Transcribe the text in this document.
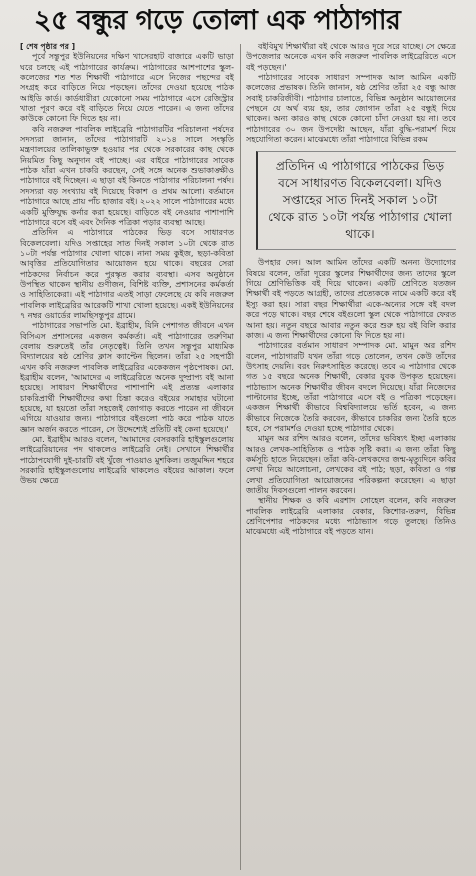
২৫ বন্ধুর গড়ে তোলা এক পাঠাগার

[ শেষ পৃষ্ঠার পর ]

পূর্বে সন্তুপুর ইউনিয়নের দক্ষিণ খাসেরহাট বাজারে একটি ভাড়া ঘরে চলছে এই পাঠাগারের কার্যক্রম। পাঠাগারের আশপাশের স্কুল-কলেজের শত শত শিক্ষার্থী পাঠাগারে এসে নিজের পছন্দের বই সংগ্রহ করে বাড়িতে নিয়ে পড়ছেন। তাঁদের দেওয়া হয়েছে পাঠক আইডি কার্ড। কার্ডধারীরা যেকোনো সময় পাঠাগারে এসে রেজিস্ট্রার খাতা পূরণ করে বই বাড়িতে নিয়ে যেতে পারেন। এ জন্য তাঁদের কাউকে কোনো ফি দিতে হয় না।

কবি নজরুল পাবলিক লাইব্রেরি পাঠাগারটির পরিচালনা পর্ষদের সদস্যরা জানান, তাঁদের পাঠাগারটি ২০১৪ সালে সংস্কৃতি মন্ত্রণালয়ের তালিকাভুক্ত হওয়ার পর থেকে সরকারের কাছ থেকে নিয়মিত কিছু অনুদান বই পাচ্ছে। এর বাইরে পাঠাগারের সাবেক পাঠক যাঁরা এখন চাকরি করছেন, সেই সঙ্গে অনেক শুভাকাঙ্ক্ষীও পাঠাগারে বই দিচ্ছেন। এ ছাড়া বই কিনতে পাঠাগার পরিচালনা পর্ষদ। সদস্যরা বড় সংখ্যায় বই দিয়েছে বিকাশ ও প্রথম আলো। বর্তমানে পাঠাগারে আছে প্রায় পাঁচ হাজার বই। ২০২২ সালে পাঠাগারের মধ্যে একটি মুক্তিযুদ্ধ কর্নার করা হয়েছে। বাড়িতে বই নেওয়ার পাশাপাশি পাঠাগারে বসে বই এবং দৈনিক পত্রিকা পড়ার ব্যবস্থা আছে।

প্রতিদিন এ পাঠাগারে পাঠকের ভিড় বসে সাধারণত বিকেলবেলা। যদিও সপ্তাহের সাত দিনই সকাল ১০টা থেকে রাত ১০টা পর্যন্ত পাঠাগার খোলা থাকে। নানা সময় কুইজ, ছড়া-কবিতা আবৃত্তির প্রতিযোগিতার আয়োজন হয়ে থাকে। বছরের সেরা পাঠকদের নির্বাচন করে পুরস্কৃত করার ব্যবস্থা। এসব অনুষ্ঠানে উপস্থিত থাকেন স্থানীয় গুণীজন, বিশিষ্ট ব্যক্তি, প্রশাসনের কর্মকর্তা ও সাহিত্যিকেরা। এই পাঠাগার এতই সাড়া ফেলেছে যে কবি নজরুল পাবলিক লাইব্রেরির আরেকটি শাখা খোলা হয়েছে। একই ইউনিয়নের ৭ নম্বর ওয়ার্ডের লামছিসন্তুপুর গ্রামে।

পাঠাগারের সভাপতি মো. ইব্রাহীম, যিনি পেশাগত জীবনে এখন বিসিএস প্রশাসনের একজন কর্মকর্তা। এই পাঠাগারের তরুণিমা বেলায় শুরুতেই তাঁর নেতৃত্বেই। তিনি তখন সন্তুপুর মাধ্যমিক বিদ্যালয়ের ষষ্ঠ শ্রেণির ক্লাস ক্যাপ্টেন ছিলেন। তাঁরা ২৫ সহপাঠী এখন কবি নজরুল পাবলিক লাইব্রেরির একেকজন পৃষ্ঠপোষক। মো. ইব্রাহীম বলেন, 'আমাদের এ লাইব্রেরিতে অনেক দুষ্প্রাপ্য বই আনা হয়েছে। সাধারণ শিক্ষার্থীদের পাশাপাশি এই প্রত্যন্ত এলাকার চাকরিপ্রার্থী শিক্ষার্থীদের কথা চিন্তা করেও বইয়ের সমাহার ঘটানো হয়েছে, যা হয়তো তাঁরা সহজেই জোগাড় করতে পারেন না জীবনে এগিয়ে যাওয়ার জন্য। পাঠাগারে বইগুলো পাঠ করে পাঠক যাতে জ্ঞান অর্জন করতে পারেন, সে উদ্দেশ্যেই প্রতিটি বই কেনা হয়েছে।'

মো. ইব্রাহীম আরও বলেন, 'আমাদের বেসরকারি হাইস্কুলগুলোয় লাইব্রেরিয়ানের পদ থাকলেও লাইব্রেরি নেই। সেখানে শিক্ষার্থীর পাঠোপযোগী দুই-চারটি বই খুঁজে পাওয়াও মুশকিল। তজুমদ্দিন শহরে সরকারি হাইস্কুলগুলোয় লাইব্রেরি থাকলেও বইয়ের আকাল। ফলে উভয় ক্ষেত্রে

বইবিমুখ শিক্ষার্থীরা বই থেকে আরও দূরে সরে যাচ্ছে। সে ক্ষেত্রে উপজেলার অনেকে এখন কবি নজরুল পাবলিক লাইব্রেরিতে এসে বই পড়ছেন।'

পাঠাগারের সাবেক সাধারণ সম্পাদক আল আমিন একটি কলেজের প্রভাষক। তিনি জানান, ষষ্ঠ শ্রেণির তাঁরা ২৫ বন্ধু আজ সবাই চাকরিজীবী। পাঠাগার চালাতে, বিভিন্ন অনুষ্ঠান আয়োজনের পেছনে যে অর্থ ব্যয় হয়, তার জোগান তাঁরা ২৫ বন্ধুই দিয়ে থাকেন। অন্য কারও কাছ থেকে কোনো চাঁদা নেওয়া হয় না। তবে পাঠাগারের ৩০ জন উপদেষ্টা আছেন, যাঁরা বুদ্ধি-পরামর্শ দিয়ে সহযোগিতা করেন। মাঝেমধ্যে তাঁরা পাঠাগারে বিভিন্ন রকম

প্রতিদিন এ পাঠাগারে পাঠকের ভিড় বসে সাধারণত বিকেলবেলা। যদিও সপ্তাহের সাত দিনই সকাল ১০টা থেকে রাত ১০টা পর্যন্ত পাঠাগার খোলা থাকে।

উপহার দেন। আল আমিন তাঁদের একটি অনন্য উদ্যোগের বিষয়ে বলেন, তাঁরা দূরের স্কুলের শিক্ষার্থীদের জন্য তাদের স্কুলে গিয়ে শ্রেণিভিত্তিক বই দিয়ে থাকেন। একটি শ্রেণিতে যতজন শিক্ষার্থী বই পড়তে আগ্রহী, তাদের প্রত্যেককে নামে একটি করে বই ইস্যু করা হয়। সারা বছর শিক্ষার্থীরা একে-অন্যের সঙ্গে বই বদল করে পড়ে থাকে। বছর শেষে বইগুলো স্কুল থেকে পাঠাগারে ফেরত আনা হয়। নতুন বছরে আবার নতুন করে শুরু হয় বই বিলি করার কাজ। এ জন্য শিক্ষার্থীদের কোনো ফি দিতে হয় না।

পাঠাগারের বর্তমান সাধারণ সম্পাদক মো. মামুন অর রশিদ বলেন, পাঠাগারটি যখন তাঁরা গড়ে তোলেন, তখন কেউ তাঁদের উৎসাহ দেয়নি। বরং নিরুৎসাহিত করেছে। তবে এ পাঠাগার থেকে গত ১৫ বছরে অনেক শিক্ষার্থী, বেকার যুবক উপকৃত হয়েছেন। পাঠাভ্যাস অনেক শিক্ষার্থীর জীবন বদলে দিয়েছে। যাঁরা নিজেদের পাল্টানোর ইচ্ছে, তাঁরা পাঠাগারে এসে বই ও পত্রিকা পড়েছেন। একজন শিক্ষার্থী কীভাবে বিশ্ববিদ্যালয়ে ভর্তি হবেন, এ জন্য কীভাবে নিজেকে তৈরি করবেন, কীভাবে চাকরির জন্য তৈরি হতে হবে, সে পরামর্শও দেওয়া হচ্ছে পাঠাগার থেকে।

মামুন অর রশিদ আরও বলেন, তাঁদের ভবিষ্যৎ ইচ্ছা এলাকায় আরও লেখক-সাহিত্যিক ও পাঠক সৃষ্টি করা। এ জন্য তাঁরা কিছু কর্মসূচি হাতে নিয়েছেন। তাঁরা কবি-লেখকদের জন্ম-মৃত্যুদিনে কবির লেখা নিয়ে আলোচনা, লেখকের বই পাঠ; ছড়া, কবিতা ও গল্প লেখা প্রতিযোগিতা আয়োজনের পরিকল্পনা করেছেন। এ ছাড়া জাতীয় দিবসগুলো পালন করবেন।

স্থানীয় শিক্ষক ও কবি এরশাদ সোহেল বলেন, কবি নজরুল পাবলিক লাইব্রেরি এলাকার বেকার, কিশোর-তরুণ, বিভিন্ন শ্রেণিপেশার পাঠকদের মধ্যে পাঠাভ্যাস গড়ে তুলছে। তিনিও মাঝেমধ্যে এই পাঠাগারে বই পড়তে যান।
